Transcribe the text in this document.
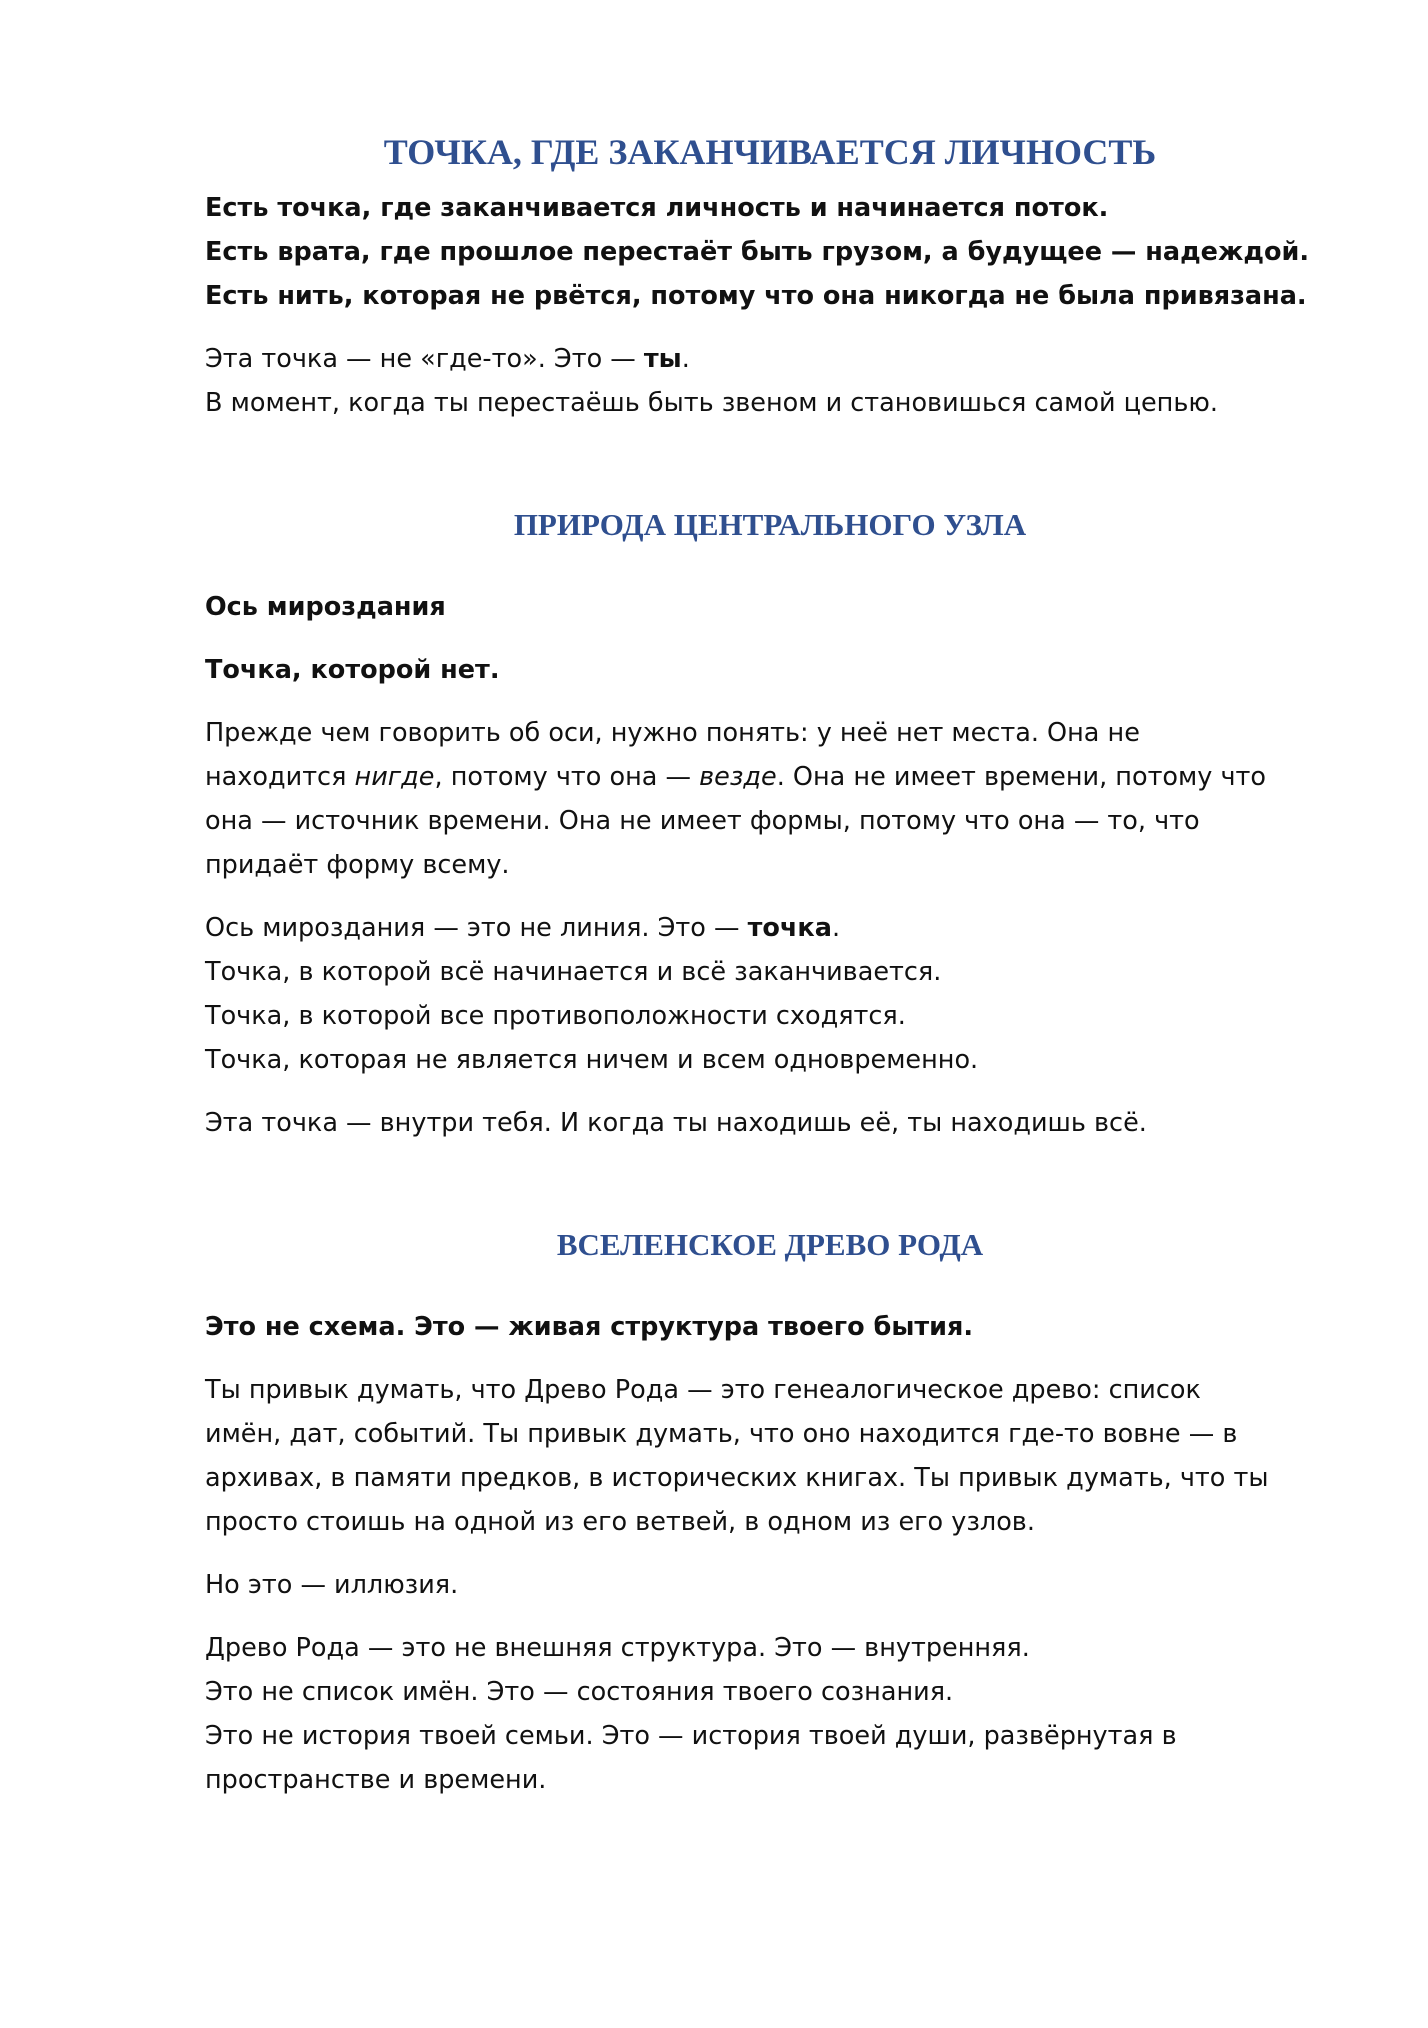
ТОЧКА, ГДЕ ЗАКАНЧИВАЕТСЯ ЛИЧНОСТЬ

Есть точка, где заканчивается личность и начинается поток.
Есть врата, где прошлое перестаёт быть грузом, а будущее — надеждой.
Есть нить, которая не рвётся, потому что она никогда не была привязана.

Эта точка — не «где-то». Это — ты.
В момент, когда ты перестаёшь быть звеном и становишься самой цепью.

ПРИРОДА ЦЕНТРАЛЬНОГО УЗЛА

Ось мироздания

Точка, которой нет.

Прежде чем говорить об оси, нужно понять: у неё нет места. Она не
находится нигде, потому что она — везде. Она не имеет времени, потому что
она — источник времени. Она не имеет формы, потому что она — то, что
придаёт форму всему.

Ось мироздания — это не линия. Это — точка.
Точка, в которой всё начинается и всё заканчивается.
Точка, в которой все противоположности сходятся.
Точка, которая не является ничем и всем одновременно.

Эта точка — внутри тебя. И когда ты находишь её, ты находишь всё.

ВСЕЛЕНСКОЕ ДРЕВО РОДА

Это не схема. Это — живая структура твоего бытия.

Ты привык думать, что Древо Рода — это генеалогическое древо: список
имён, дат, событий. Ты привык думать, что оно находится где-то вовне — в
архивах, в памяти предков, в исторических книгах. Ты привык думать, что ты
просто стоишь на одной из его ветвей, в одном из его узлов.

Но это — иллюзия.

Древо Рода — это не внешняя структура. Это — внутренняя.
Это не список имён. Это — состояния твоего сознания.
Это не история твоей семьи. Это — история твоей души, развёрнутая в
пространстве и времени.
